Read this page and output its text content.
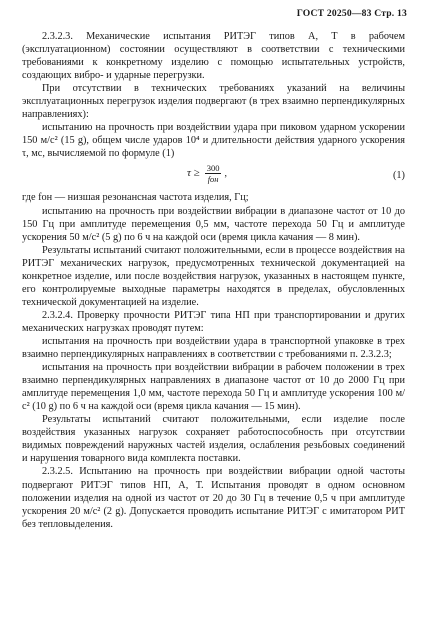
ГОСТ 20250—83 Стр. 13

2.3.2.3. Механические испытания РИТЭГ типов А, Т в рабочем (эксплуатационном) состоянии осуществляют в соответствии с техническими требованиями к конкретному изделию с помощью испытательных устройств, создающих вибро- и ударные перегрузки.

При отсутствии в технических требованиях указаний на величины эксплуатационных перегрузок изделия подвергают (в трех взаимно перпендикулярных направлениях):

испытанию на прочность при воздействии удара при пиковом ударном ускорении 150 м/с² (15 g), общем числе ударов 10⁴ и длительности действия ударного ускорения τ, мс, вычисляемой по формуле (1)

$\tau \ge \frac{300}{\text{fон}}$ ,	(1)

где fон — низшая резонансная частота изделия, Гц;

испытанию на прочность при воздействии вибрации в диапазоне частот от 10 до 150 Гц при амплитуде перемещения 0,5 мм, частоте перехода 50 Гц и амплитуде ускорения 50 м/с² (5 g) по 6 ч на каждой оси (время цикла качания — 8 мин).

Результаты испытаний считают положительными, если в процессе воздействия на РИТЭГ механических нагрузок, предусмотренных технической документацией на конкретное изделие, или после воздействия нагрузок, указанных в настоящем пункте, его контролируемые выходные параметры находятся в пределах, обусловленных технической документацией на изделие.

2.3.2.4. Проверку прочности РИТЭГ типа НП при транспортировании и других механических нагрузках проводят путем:

испытания на прочность при воздействии удара в транспортной упаковке в трех взаимно перпендикулярных направлениях в соответствии с требованиями п. 2.3.2.3;

испытания на прочность при воздействии вибрации в рабочем положении в трех взаимно перпендикулярных направлениях в диапазоне частот от 10 до 2000 Гц при амплитуде перемещения 1,0 мм, частоте перехода 50 Гц и амплитуде ускорения 100 м/с² (10 g) по 6 ч на каждой оси (время цикла качания — 15 мин).

Результаты испытаний считают положительными, если изделие после воздействия указанных нагрузок сохраняет работоспособность при отсутствии видимых повреждений наружных частей изделия, ослабления резьбовых соединений и нарушения товарного вида комплекта поставки.

2.3.2.5. Испытанию на прочность при воздействии вибрации одной частоты подвергают РИТЭГ типов НП, А, Т. Испытания проводят в одном основном положении изделия на одной из частот от 20 до 30 Гц в течение 0,5 ч при амплитуде ускорения 20 м/с² (2 g). Допускается проводить испытание РИТЭГ с имитатором РИТ без тепловыделения.
